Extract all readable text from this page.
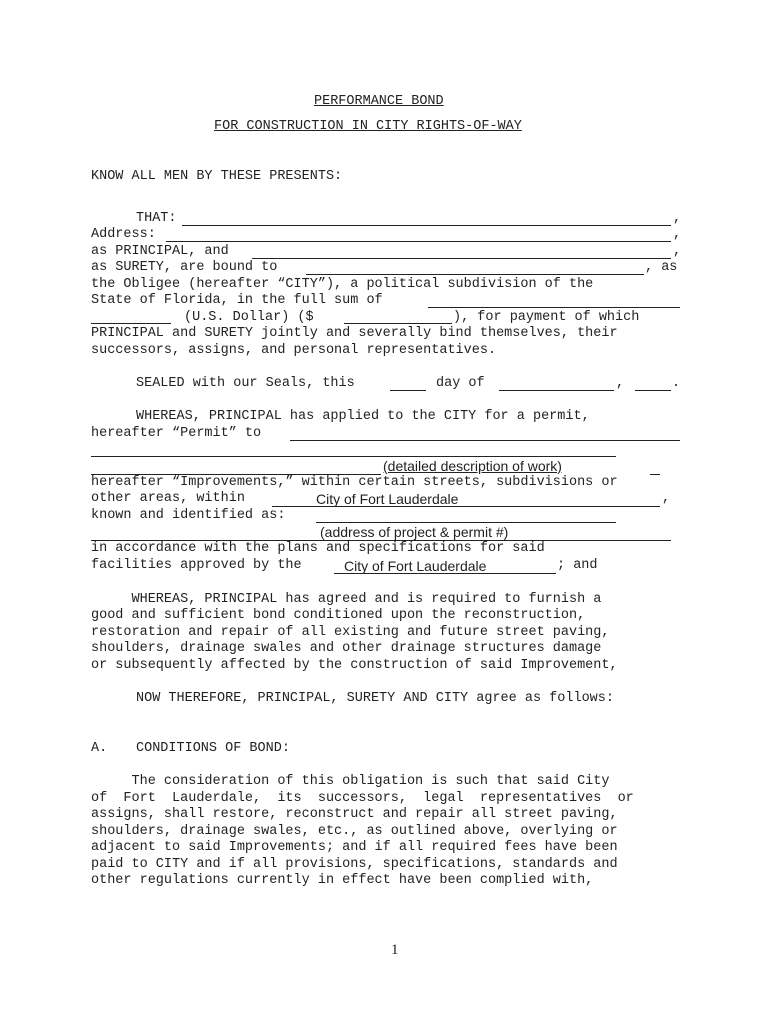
PERFORMANCE BOND
FOR CONSTRUCTION IN CITY RIGHTS-OF-WAY
KNOW ALL MEN BY THESE PRESENTS:
THAT:	,
Address:	,
as PRINCIPAL, and	,
as SURETY, are bound to	, as
the Obligee (hereafter “CITY”), a political subdivision of the
State of Florida, in the full sum of
(U.S. Dollar) ($	), for payment of which
PRINCIPAL and SURETY jointly and severally bind themselves, their
successors, assigns, and personal representatives.
SEALED with our Seals, this	day of	,	.
WHEREAS, PRINCIPAL has applied to the CITY for a permit,
hereafter “Permit” to
(detailed description of work)
hereafter “Improvements,” within certain streets, subdivisions or
other areas, within	City of Fort Lauderdale	,
known and identified as:
(address of project & permit #)
in accordance with the plans and specifications for said
facilities approved by the	City of Fort Lauderdale	; and
WHEREAS, PRINCIPAL has agreed and is required to furnish a
good and sufficient bond conditioned upon the reconstruction,
restoration and repair of all existing and future street paving,
shoulders, drainage swales and other drainage structures damage
or subsequently affected by the construction of said Improvement,
NOW THEREFORE, PRINCIPAL, SURETY AND CITY agree as follows:
A. CONDITIONS OF BOND:
The consideration of this obligation is such that said City
of  Fort  Lauderdale,  its  successors,  legal  representatives  or
assigns, shall restore, reconstruct and repair all street paving,
shoulders, drainage swales, etc., as outlined above, overlying or
adjacent to said Improvements; and if all required fees have been
paid to CITY and if all provisions, specifications, standards and
other regulations currently in effect have been complied with,
1
